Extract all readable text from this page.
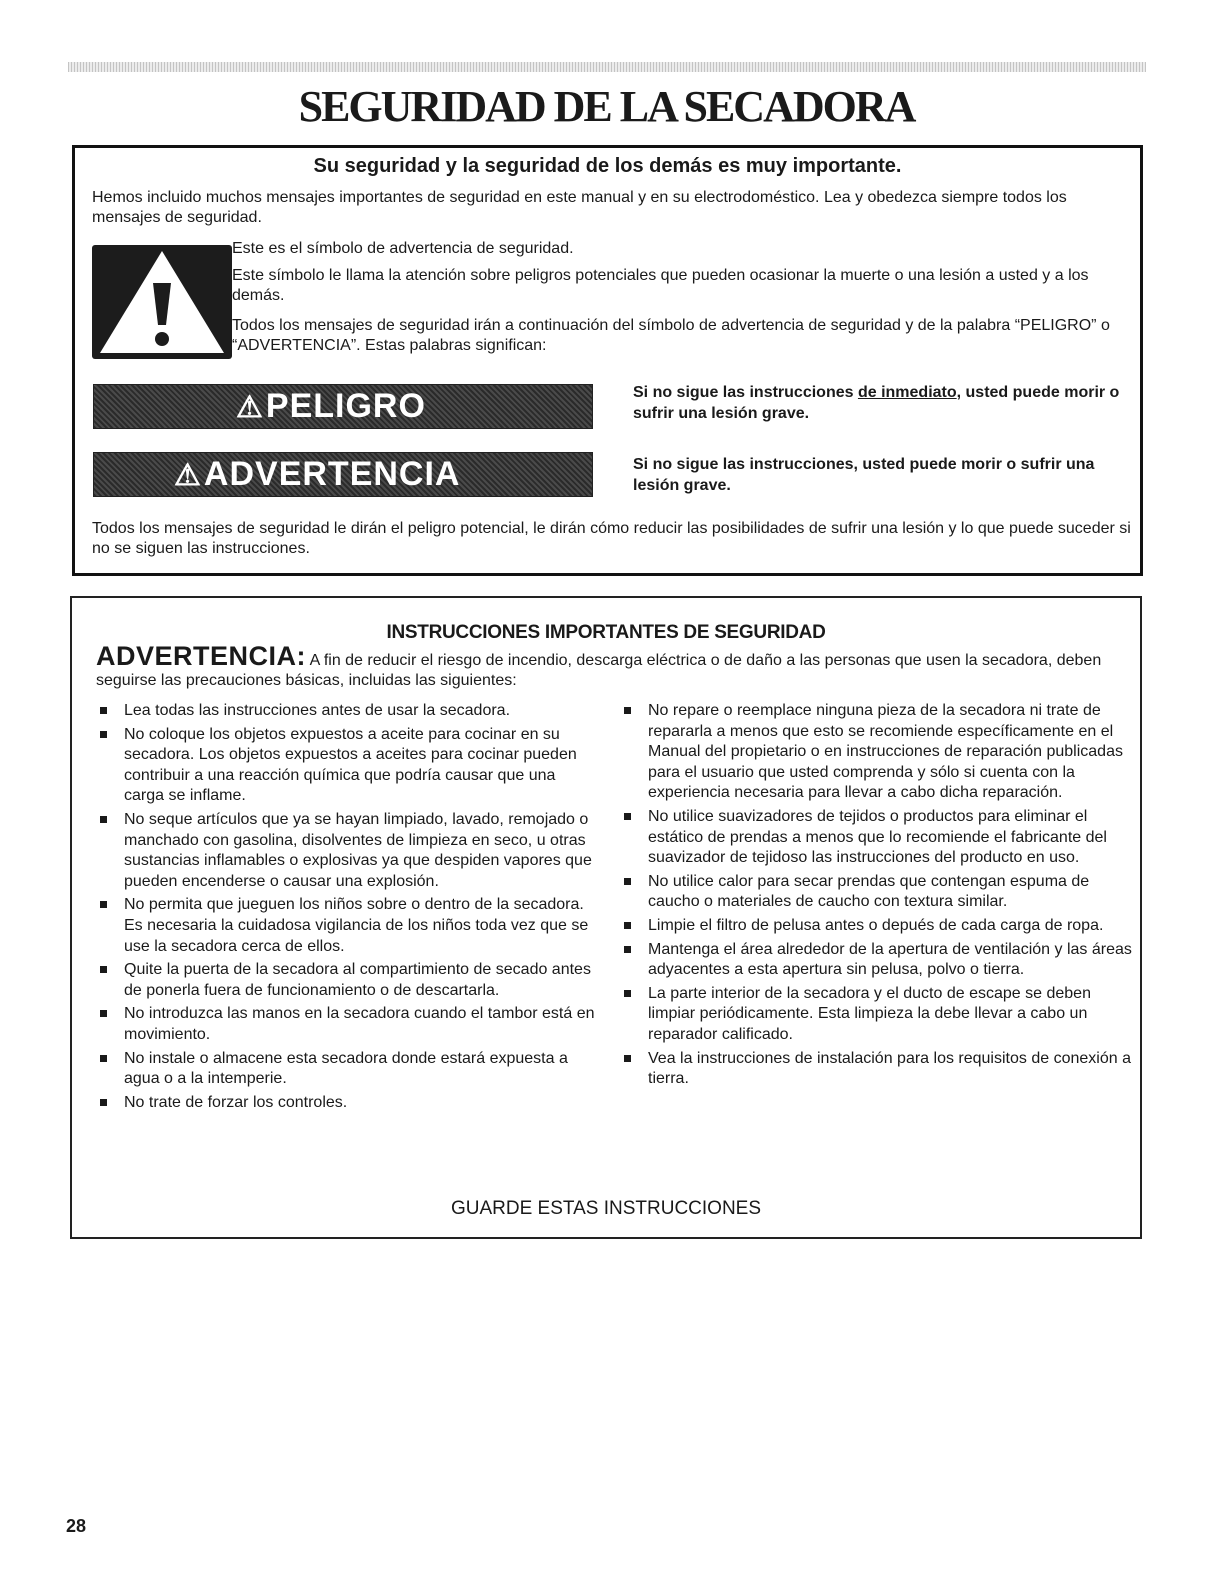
SEGURIDAD DE LA SECADORA
Su seguridad y la seguridad de los demás es muy importante.

Hemos incluido muchos mensajes importantes de seguridad en este manual y en su electrodoméstico. Lea y obedezca siempre todos los mensajes de seguridad.

Este es el símbolo de advertencia de seguridad.

Este símbolo le llama la atención sobre peligros potenciales que pueden ocasionar la muerte o una lesión a usted y a los demás.

Todos los mensajes de seguridad irán a continuación del símbolo de advertencia de seguridad y de la palabra “PELIGRO” o “ADVERTENCIA”. Estas palabras significan:

⚠PELIGRO	Si no sigue las instrucciones de inmediato, usted puede morir o sufrir una lesión grave.

⚠ADVERTENCIA	Si no sigue las instrucciones, usted puede morir o sufrir una lesión grave.

Todos los mensajes de seguridad le dirán el peligro potencial, le dirán cómo reducir las posibilidades de sufrir una lesión y lo que puede suceder si no se siguen las instrucciones.

INSTRUCCIONES IMPORTANTES DE SEGURIDAD

ADVERTENCIA: A fin de reducir el riesgo de incendio, descarga eléctrica o de daño a las personas que usen la secadora, deben seguirse las precauciones básicas, incluidas las siguientes:

Lea todas las instrucciones antes de usar la secadora.
No coloque los objetos expuestos a aceite para cocinar en su secadora. Los objetos expuestos a aceites para cocinar pueden contribuir a una reacción química que podría causar que una carga se inflame.
No seque artículos que ya se hayan limpiado, lavado, remojado o manchado con gasolina, disolventes de limpieza en seco, u otras sustancias inflamables o explosivas ya que despiden vapores que pueden encenderse o causar una explosión.
No permita que jueguen los niños sobre o dentro de la secadora. Es necesaria la cuidadosa vigilancia de los niños toda vez que se use la secadora cerca de ellos.
Quite la puerta de la secadora al compartimiento de secado antes de ponerla fuera de funcionamiento o de descartarla.
No introduzca las manos en la secadora cuando el tambor está en movimiento.
No instale o almacene esta secadora donde estará expuesta a agua o a la intemperie.
No trate de forzar los controles.
No repare o reemplace ninguna pieza de la secadora ni trate de repararla a menos que esto se recomiende específicamente en el Manual del propietario o en instrucciones de reparación publicadas para el usuario que usted comprenda y sólo si cuenta con la experiencia necesaria para llevar a cabo dicha reparación.
No utilice suavizadores de tejidos o productos para eliminar el estático de prendas a menos que lo recomiende el fabricante del suavizador de tejidoso las instrucciones del producto en uso.
No utilice calor para secar prendas que contengan espuma de caucho o materiales de caucho con textura similar.
Limpie el filtro de pelusa antes o depués de cada carga de ropa.
Mantenga el área alrededor de la apertura de ventilación y las áreas adyacentes a esta apertura sin pelusa, polvo o tierra.
La parte interior de la secadora y el ducto de escape se deben limpiar periódicamente. Esta limpieza la debe llevar a cabo un reparador calificado.
Vea la instrucciones de instalación para los requisitos de conexión a tierra.

GUARDE ESTAS INSTRUCCIONES

28
